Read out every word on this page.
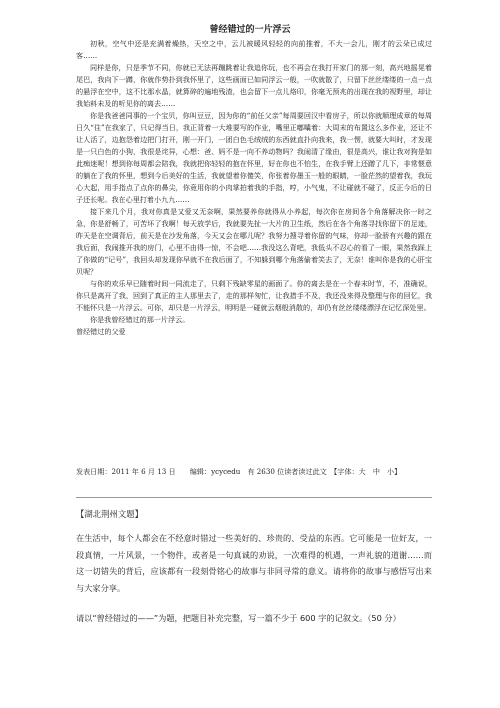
曾经错过的一片浮云

初秋，空气中还是充满着燥热，天空之中，云儿被暖风轻轻的向前推着，不大一会儿，刚才的云朵已成过客……

同样是你，只是季节不同，你就已无法再蹦跳着让我追你玩，也不再会在我打开家门的那一刻，高兴地摇晃着尾巴，我向下一蹲，你就作势扑到我怀里了，这些画面已如同浮云一般，一吹就散了，只留下丝丝缕缕的一点一点的悬浮在空中，这不比那水晶，就算碎的遍地残渣，也会留下一点儿烙印，你毫无预兆的出现在我的视野里，却让我始料未及的听见你的离去……

你是我爸爸同事的一个宝贝，你叫豆豆，因为你的“前任父亲”每周要回汉中看房子，所以你就顺理成章的每周日久“住”在我家了，只记得当日，我正背着一大堆要写的作业，嘴里正嘟囔着：大周末的布置这么多作业，还让不让人活了，边抱怨着边把门打开，刚一开门，一团白色毛绒绒的东西就直扑向我来，我一愣，就要大叫时，才发现是一只白色的小狗，我很是诧异，心想：爸、妈不是一向不养动物吗？我闹清了缘由，很是高兴，谁让我对狗是如此痴迷呢！想到你每周都会陪我，我就把你轻轻的抱在怀里，好在你也不怕生，在我手臂上还蹭了几下，非常惬意的躺在了我的怀里，想到今后美好的生活，我就望着你傻笑，你张着你墨玉一般的眼睛，一脸茫然的望着我，我玩心大起，用手指点了点你的鼻尖，你竟用你的小肉掌拍着我的手指，哼，小气鬼，不让碰就不碰了，反正今后的日子还长呢。我在心里打着小九九……

接下来几个月，我对你真是又爱又无奈啊，果然要养你就得从小养起，每次你在房间各个角落解决你一时之急，你是舒畅了，可苦坏了我啊！每天放学后，我就要先扯一大片的卫生纸，然后在各个角落寻找你留下的足迹，昨天是在空调背后，前天是在沙发角落，今天又会在哪儿呢？我努力搜寻着你留的气味，你却一脸骄有兴趣的跟在我后面，我闹推开我的房门，心里不由得一惊，不会吧……我没这么背吧，我低头不忍心的看了一眼，果然我踩上了你做的“记号”，我回头却发现你早就不在我后面了，不知躲到哪个角落偷着笑去了，无奈！谁叫你是我的心肝宝贝呢？

与你的欢乐早已随着时间一同流走了，只剩下残缺零星的画面了。你的离去是在一个春末时节，不，准确说，你只是离开了我，回到了真正的主人那里去了，走的那样匆忙，让我措手不及，我还没来得及整理与你的回忆，我不能怀只是一片浮云。可你，却只是一片浮云，明明是一碰就云烟般消散的，却仍有丝丝缕缕漂浮在记忆深处里。

你是我曾经错过的那一片浮云。

曾经错过的父爱

发表日期：2011 年 6 月 13 日　　编辑：ycycedu　有 2630 位读者读过此文　【字体：大　中　小】
【湖北荆州文题】

在生活中，每个人都会在不经意时错过一些美好的、珍贵的、受益的东西。它可能是一位好友，一段真情，一片风景，一个物件，或者是一句真诚的劝说，一次难得的机遇，一声礼貌的道谢……而这一切错失的背后，应该都有一段刻骨铭心的故事与非同寻常的意义。请将你的故事与感悟写出来与大家分享。

请以“曾经错过的——”为题，把题目补充完整，写一篇不少于 600 字的记叙文。（50 分）
